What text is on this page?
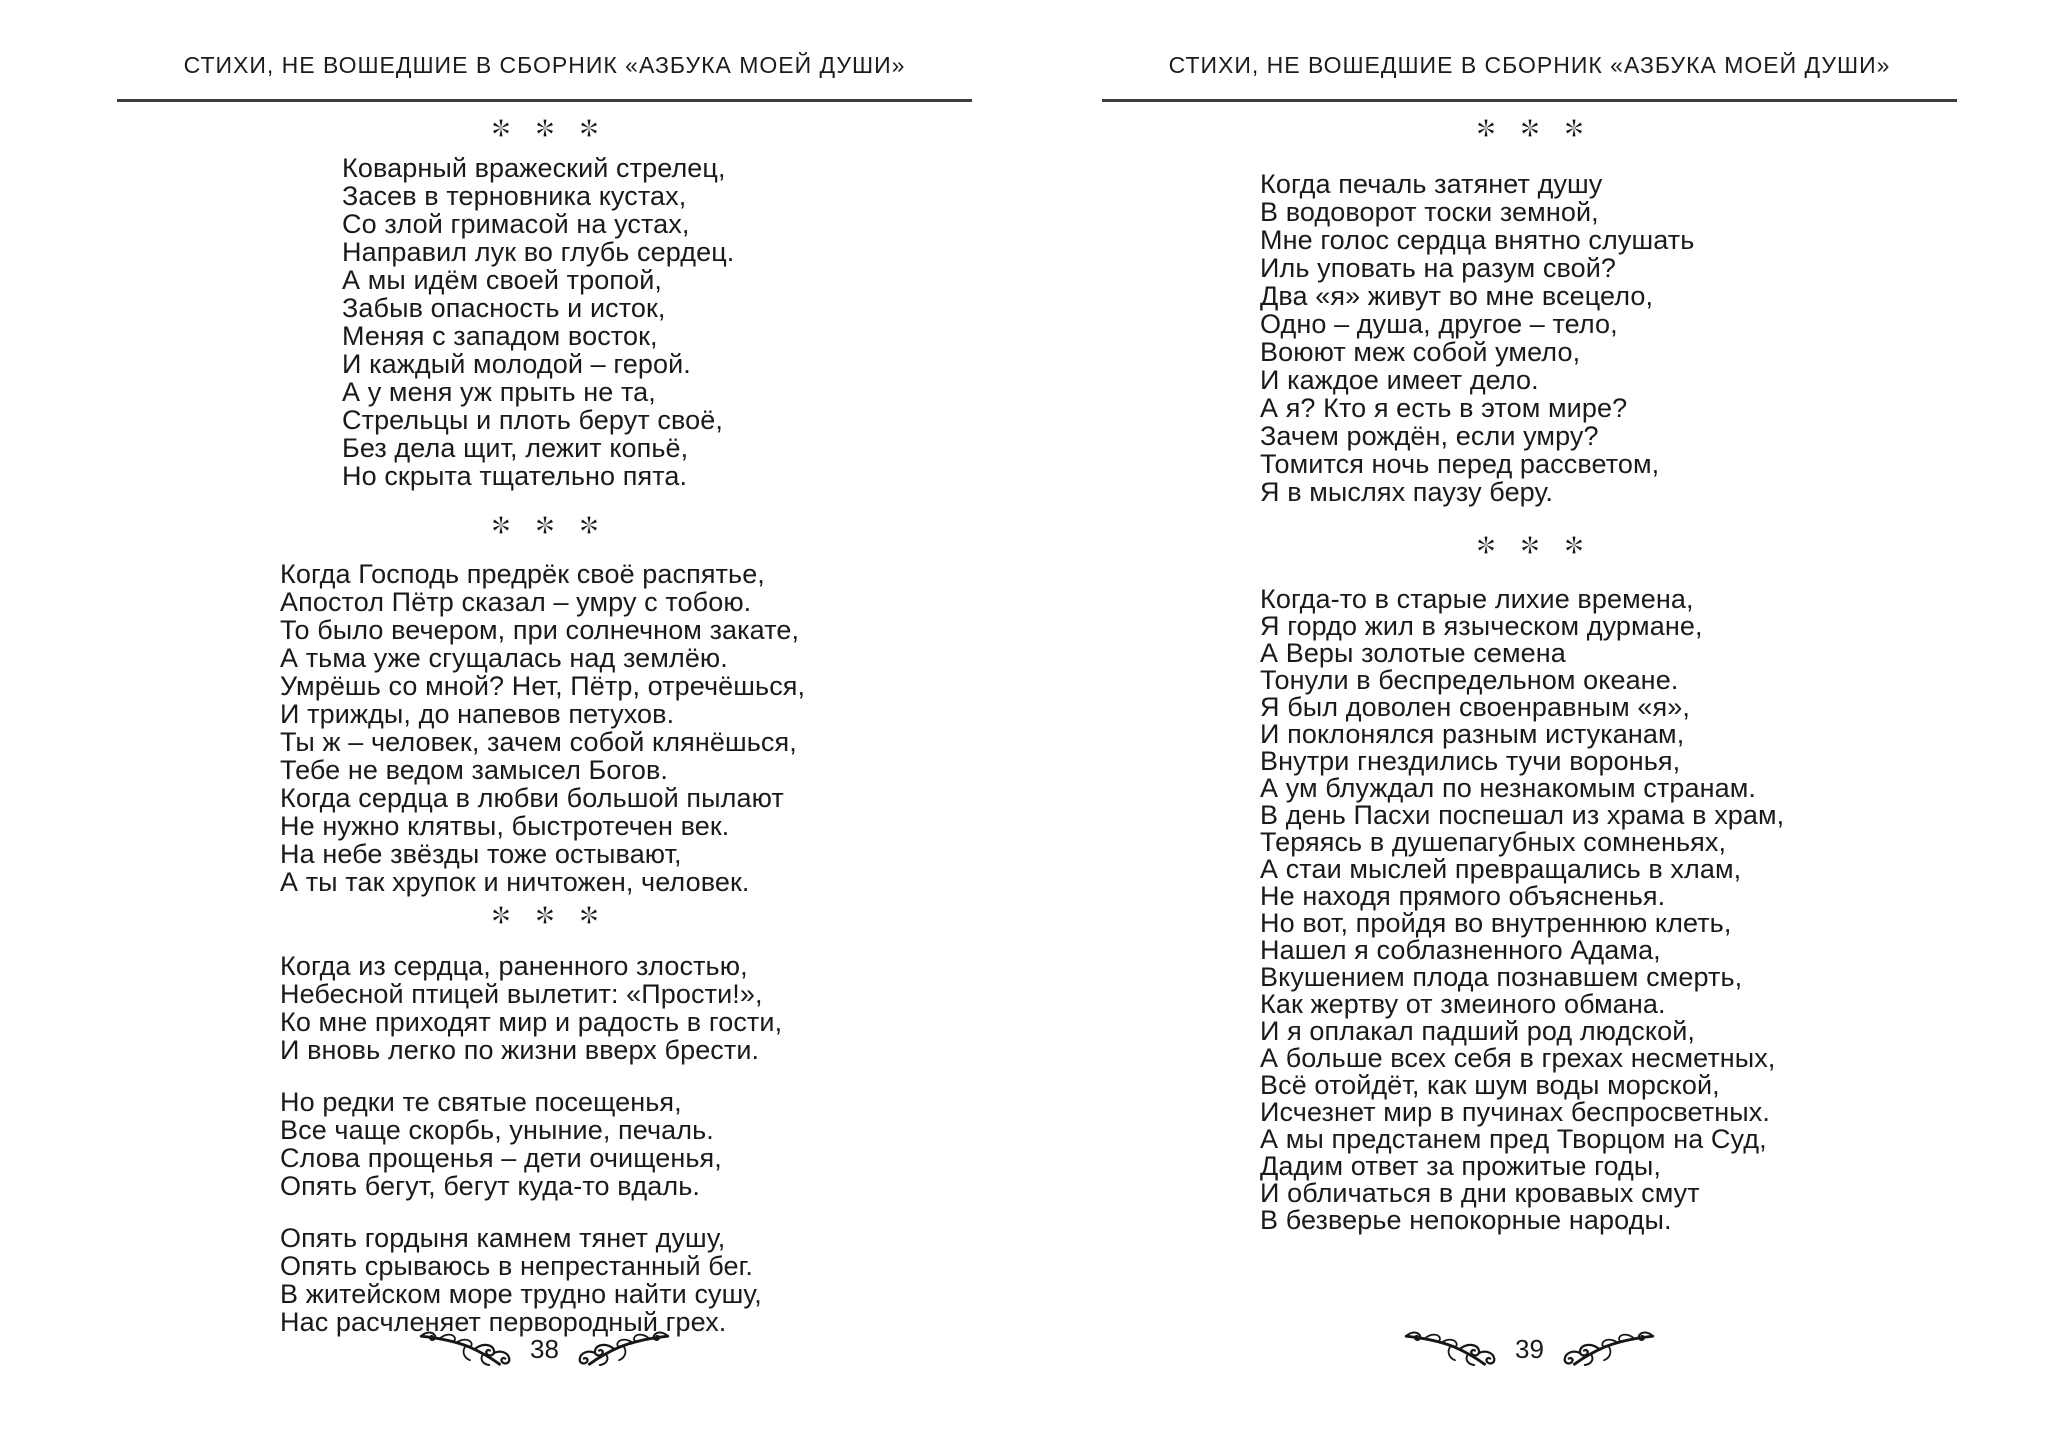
СТИХИ, НЕ ВОШЕДШИЕ В СБОРНИК «АЗБУКА МОЕЙ ДУШИ»
Коварный вражеский стрелец,
Засев в терновника кустах,
Со злой гримасой на устах,
Направил лук во глубь сердец.
А мы идём своей тропой,
Забыв опасность и исток,
Меняя с западом восток,
И каждый молодой – герой.
А у меня уж прыть не та,
Стрельцы и плоть берут своё,
Без дела щит, лежит копьё,
Но скрыта тщательно пята.
Когда Господь предрёк своё распятье,
Апостол Пётр сказал – умру с тобою.
То было вечером, при солнечном закате,
А тьма уже сгущалась над землёю.
Умрёшь со мной? Нет, Пётр, отречёшься,
И трижды, до напевов петухов.
Ты ж – человек, зачем собой клянёшься,
Тебе не ведом замысел Богов.
Когда сердца в любви большой пылают
Не нужно клятвы, быстротечен век.
На небе звёзды тоже остывают,
А ты так хрупок и ничтожен, человек.
Когда из сердца, раненного злостью,
Небесной птицей вылетит: «Прости!»,
Ко мне приходят мир и радость в гости,
И вновь легко по жизни вверх брести.
Но редки те святые посещенья,
Все чаще скорбь, уныние, печаль.
Слова прощенья – дети очищенья,
Опять бегут, бегут куда-то вдаль.
Опять гордыня камнем тянет душу,
Опять срываюсь в непрестанный бег.
В житейском море трудно найти сушу,
Нас расчленяет первородный грех.
38
СТИХИ, НЕ ВОШЕДШИЕ В СБОРНИК «АЗБУКА МОЕЙ ДУШИ»
Когда печаль затянет душу
В водоворот тоски земной,
Мне голос сердца внятно слушать
Иль уповать на разум свой?
Два «я» живут во мне всецело,
Одно – душа, другое – тело,
Воюют меж собой умело,
И каждое имеет дело.
А я? Кто я есть в этом мире?
Зачем рождён, если умру?
Томится ночь перед рассветом,
Я в мыслях паузу беру.
Когда-то в старые лихие времена,
Я гордо жил в языческом дурмане,
А Веры золотые семена
Тонули в беспредельном океане.
Я был доволен своенравным «я»,
И поклонялся разным истуканам,
Внутри гнездились тучи воронья,
А ум блуждал по незнакомым странам.
В день Пасхи поспешал из храма в храм,
Теряясь в душепагубных сомненьях,
А стаи мыслей превращались в хлам,
Не находя прямого объясненья.
Но вот, пройдя во внутреннюю клеть,
Нашел я соблазненного Адама,
Вкушением плода познавшем смерть,
Как жертву от змеиного обмана.
И я оплакал падший род людской,
А больше всех себя в грехах несметных,
Всё отойдёт, как шум воды морской,
Исчезнет мир в пучинах беспросветных.
А мы предстанем пред Творцом на Суд,
Дадим ответ за прожитые годы,
И обличаться в дни кровавых смут
В безверье непокорные народы.
39
